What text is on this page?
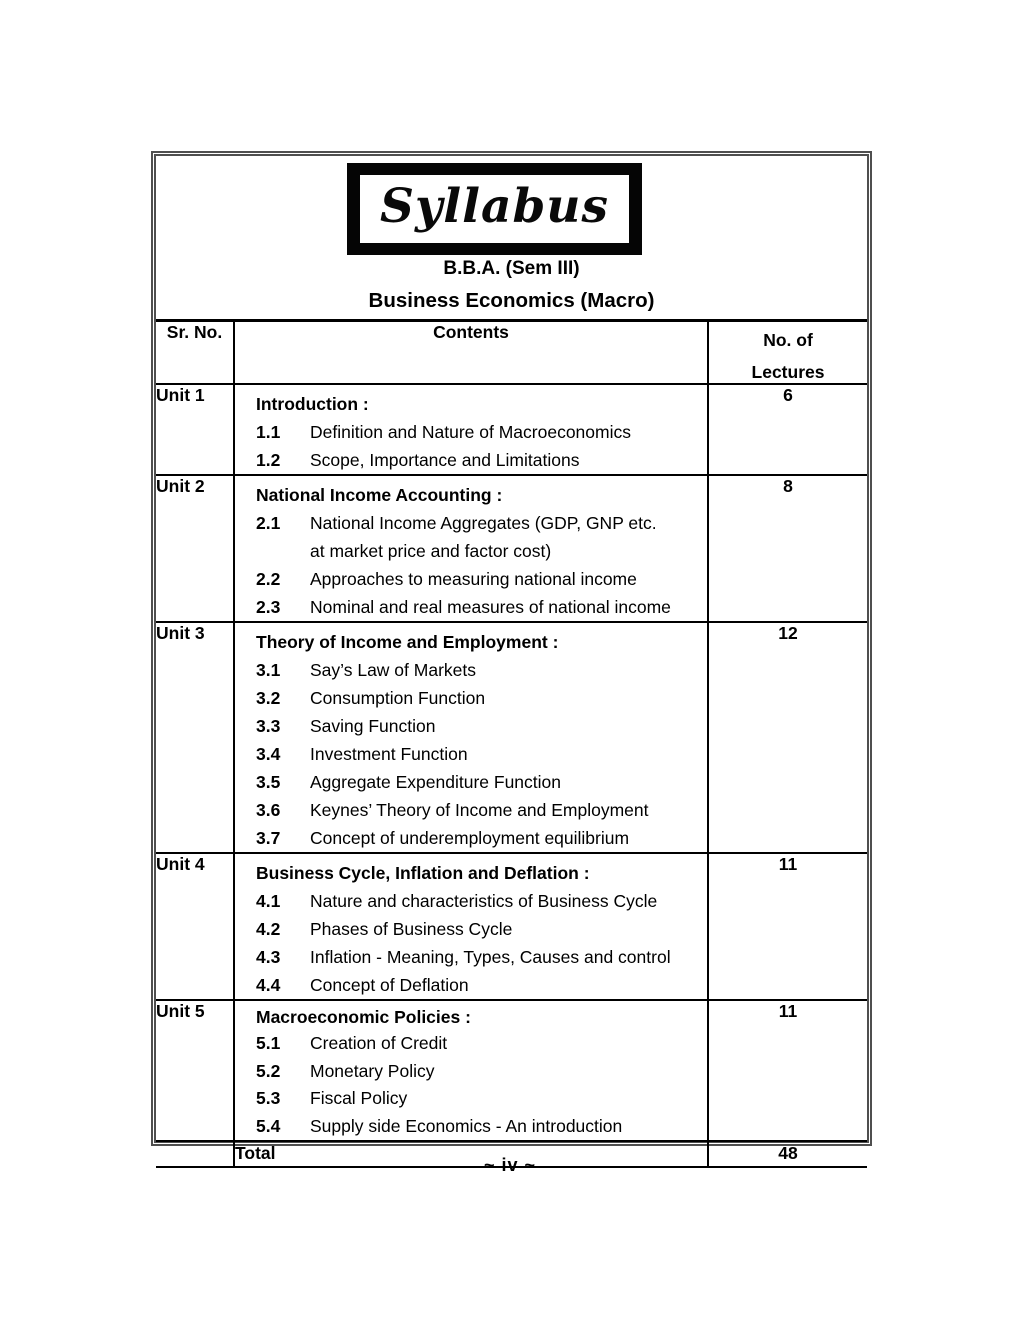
Syllabus
B.B.A. (Sem III)
Business Economics (Macro)
Sr. No.	Contents	No. of
Lectures

Unit 1	Introduction :
1.1 Definition and Nature of Macroeconomics
1.2 Scope, Importance and Limitations	6
Unit 2	National Income Accounting :
2.1	National Income Aggregates (GDP, GNP etc.
at market price and factor cost)
2.2	Approaches to measuring national income
2.3	Nominal and real measures of national income
	8
Unit 3	Theory of Income and Employment :
3.1	Say’s Law of Markets
3.2	Consumption Function
3.3	Saving Function
3.4	Investment Function
3.5	Aggregate Expenditure Function
3.6	Keynes’ Theory of Income and Employment
3.7	Concept of underemployment equilibrium
	12
Unit 4	Business Cycle, Inflation and Deflation :
4.1	Nature and characteristics of Business Cycle
4.2	Phases of Business Cycle
4.3	Inflation - Meaning, Types, Causes and control
4.4	Concept of Deflation
	11
Unit 5	Macroeconomic Policies :
5.1	Creation of Credit
5.2	Monetary Policy
5.3	Fiscal Policy
5.4	Supply side Economics - An introduction
	11
	Total	48
~ iv ~
